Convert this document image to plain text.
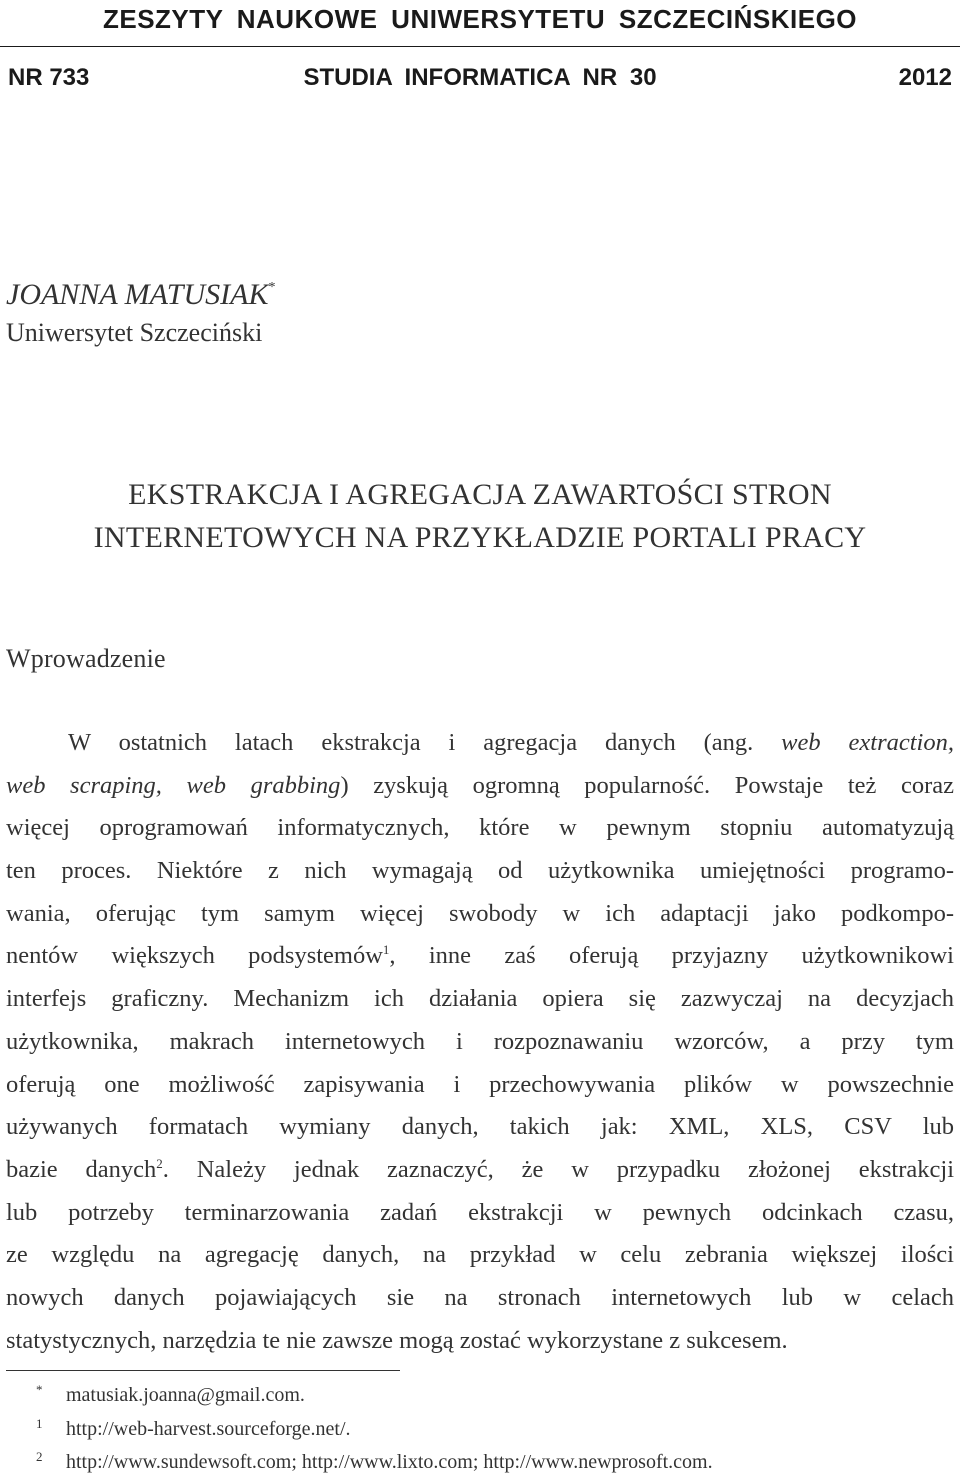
ZESZYTY NAUKOWE UNIWERSYTETU SZCZECIŃSKIEGO
NR 733	STUDIA INFORMATICA NR 30	2012
JOANNA MATUSIAK*
Uniwersytet Szczeciński
EKSTRAKCJA I AGREGACJA ZAWARTOŚCI STRON
INTERNETOWYCH NA PRZYKŁADZIE PORTALI PRACY
Wprowadzenie
W ostatnich latach ekstrakcja i agregacja danych (ang. web extraction,
web scraping, web grabbing) zyskują ogromną popularność. Powstaje też coraz
więcej oprogramowań informatycznych, które w pewnym stopniu automatyzują
ten proces. Niektóre z nich wymagają od użytkownika umiejętności programo-
wania, oferując tym samym więcej swobody w ich adaptacji jako podkompo-
nentów większych podsystemów$^1$, inne zaś oferują przyjazny użytkownikowi
interfejs graficzny. Mechanizm ich działania opiera się zazwyczaj na decyzjach
użytkownika, makrach internetowych i rozpoznawaniu wzorców, a przy tym
oferują one możliwość zapisywania i przechowywania plików w powszechnie
używanych formatach wymiany danych, takich jak: XML, XLS, CSV lub
bazie danych$^2$. Należy jednak zaznaczyć, że w przypadku złożonej ekstrakcji
lub potrzeby terminarzowania zadań ekstrakcji w pewnych odcinkach czasu,
ze względu na agregację danych, na przykład w celu zebrania większej ilości
nowych danych pojawiających sie na stronach internetowych lub w celach
statystycznych, narzędzia te nie zawsze mogą zostać wykorzystane z sukcesem.
* matusiak.joanna@gmail.com.
1 http://web-harvest.sourceforge.net/.
2 http://www.sundewsoft.com; http://www.lixto.com; http://www.newprosoft.com.
